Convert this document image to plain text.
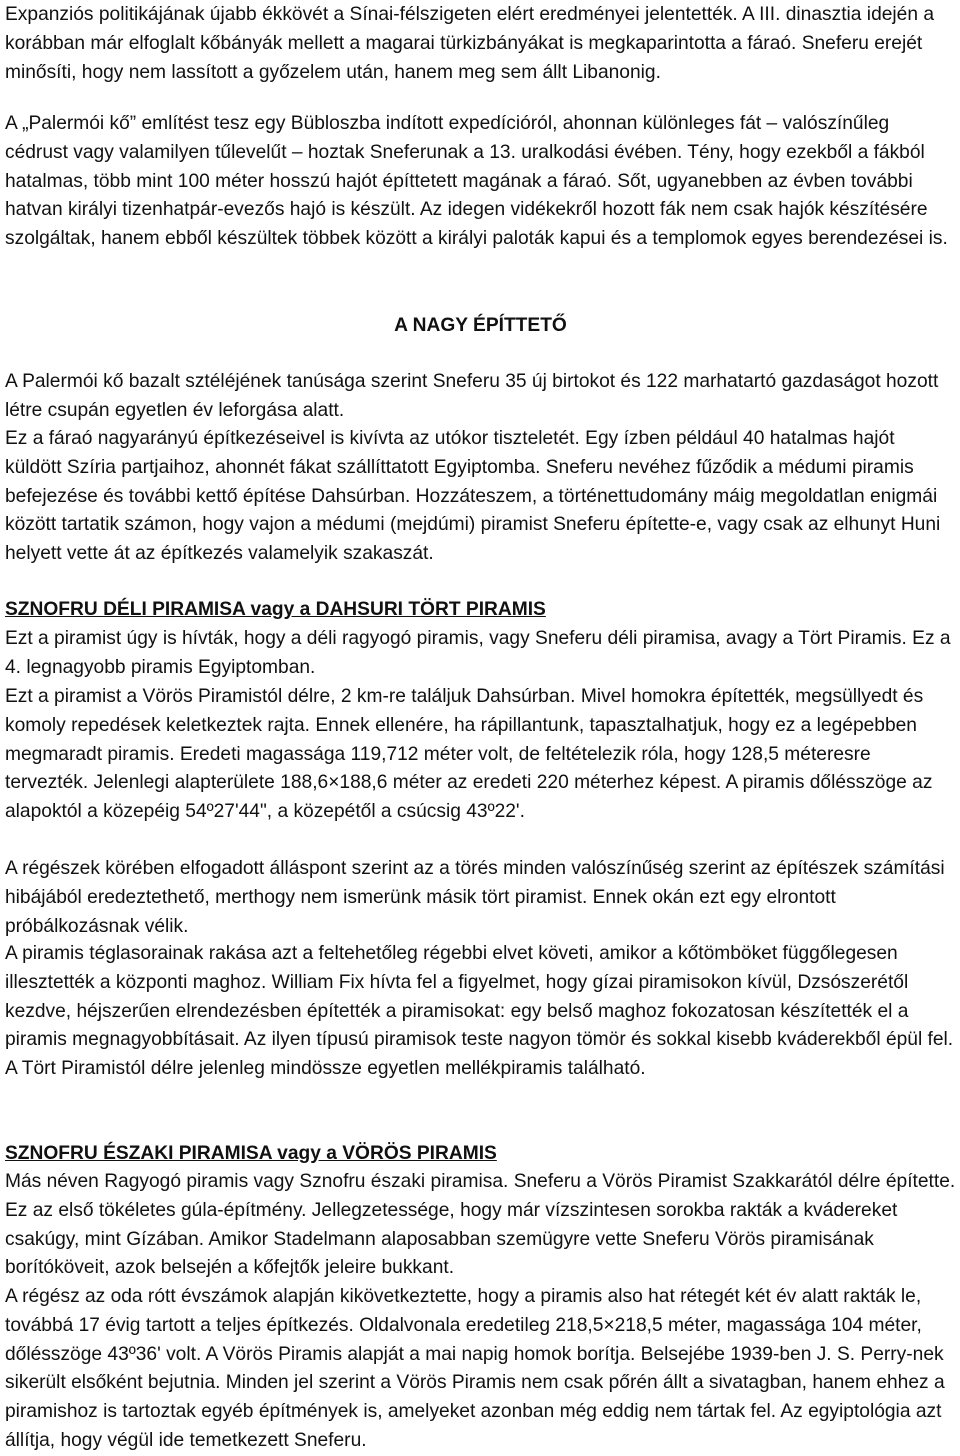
Expanziós politikájának újabb ékkövét a Sínai-félszigeten elért eredményei jelentették. A III. dinasztia idején a korábban már elfoglalt kőbányák mellett a magarai türkizbányákat is megkaparintotta a fáraó. Sneferu erejét minősíti, hogy nem lassított a győzelem után, hanem meg sem állt Libanonig.

A „Palermói kő” említést tesz egy Bübloszba indított expedícióról, ahonnan különleges fát – valószínűleg cédrust vagy valamilyen tűlevelűt – hoztak Sneferunak a 13. uralkodási évében. Tény, hogy ezekből a fákból hatalmas, több mint 100 méter hosszú hajót építtetett magának a fáraó. Sőt, ugyanebben az évben további hatvan királyi tizenhatpár-evezős hajó is készült. Az idegen vidékekről hozott fák nem csak hajók készítésére szolgáltak, hanem ebből készültek többek között a királyi paloták kapui és a templomok egyes berendezései is.

A NAGY ÉPÍTTETŐ

A Palermói kő bazalt sztéléjének tanúsága szerint Sneferu 35 új birtokot és 122 marhatartó gazdaságot hozott létre csupán egyetlen év leforgása alatt.

Ez a fáraó nagyarányú építkezéseivel is kivívta az utókor tiszteletét. Egy ízben például 40 hatalmas hajót küldött Szíria partjaihoz, ahonnét fákat szállíttatott Egyiptomba. Sneferu nevéhez fűződik a médumi piramis befejezése és további kettő építése Dahsúrban. Hozzáteszem, a történettudomány máig megoldatlan enigmái között tartatik számon, hogy vajon a médumi (mejdúmi) piramist Sneferu építette-e, vagy csak az elhunyt Huni helyett vette át az építkezés valamelyik szakaszát.

SZNOFRU DÉLI PIRAMISA vagy a DAHSURI TÖRT PIRAMIS

Ezt a piramist úgy is hívták, hogy a déli ragyogó piramis, vagy Sneferu déli piramisa, avagy a Tört Piramis. Ez a 4. legnagyobb piramis Egyiptomban.

Ezt a piramist a Vörös Piramistól délre, 2 km-re találjuk Dahsúrban. Mivel homokra építették, megsüllyedt és komoly repedések keletkeztek rajta. Ennek ellenére, ha rápillantunk, tapasztalhatjuk, hogy ez a legépebben megmaradt piramis. Eredeti magassága 119,712 méter volt, de feltételezik róla, hogy 128,5 méteresre tervezték. Jelenlegi alapterülete 188,6×188,6 méter az eredeti 220 méterhez képest. A piramis dőlésszöge az alapoktól a közepéig 54º27'44", a közepétől a csúcsig 43º22'.

A régészek körében elfogadott álláspont szerint az a törés minden valószínűség szerint az építészek számítási hibájából eredeztethető, merthogy nem ismerünk másik tört piramist. Ennek okán ezt egy elrontott próbálkozásnak vélik.

A piramis téglasorainak rakása azt a feltehetőleg régebbi elvet követi, amikor a kőtömböket függőlegesen illesztették a központi maghoz. William Fix hívta fel a figyelmet, hogy gízai piramisokon kívül, Dzsószerétől kezdve, héjszerűen elrendezésben építették a piramisokat: egy belső maghoz fokozatosan készítették el a piramis megnagyobbításait. Az ilyen típusú piramisok teste nagyon tömör és sokkal kisebb kváderekből épül fel. A Tört Piramistól délre jelenleg mindössze egyetlen mellékpiramis található.

SZNOFRU ÉSZAKI PIRAMISA vagy a VÖRÖS PIRAMIS

Más néven Ragyogó piramis vagy Sznofru északi piramisa. Sneferu a Vörös Piramist Szakkarától délre építette. Ez az első tökéletes gúla-építmény. Jellegzetessége, hogy már vízszintesen sorokba rakták a kvádereket csakúgy, mint Gízában. Amikor Stadelmann alaposabban szemügyre vette Sneferu Vörös piramisának borítóköveit, azok belsején a kőfejtők jeleire bukkant.

A régész az oda rótt évszámok alapján kikövetkeztette, hogy a piramis also hat rétegét két év alatt rakták le, továbbá 17 évig tartott a teljes építkezés. Oldalvonala eredetileg 218,5×218,5 méter, magassága 104 méter, dőlésszöge 43º36' volt. A Vörös Piramis alapját a mai napig homok borítja. Belsejébe 1939-ben J. S. Perry-nek sikerült elsőként bejutnia. Minden jel szerint a Vörös Piramis nem csak pőrén állt a sivatagban, hanem ehhez a piramishoz is tartoztak egyéb építmények is, amelyeket azonban még eddig nem tártak fel. Az egyiptológia azt állítja, hogy végül ide temetkezett Sneferu.
